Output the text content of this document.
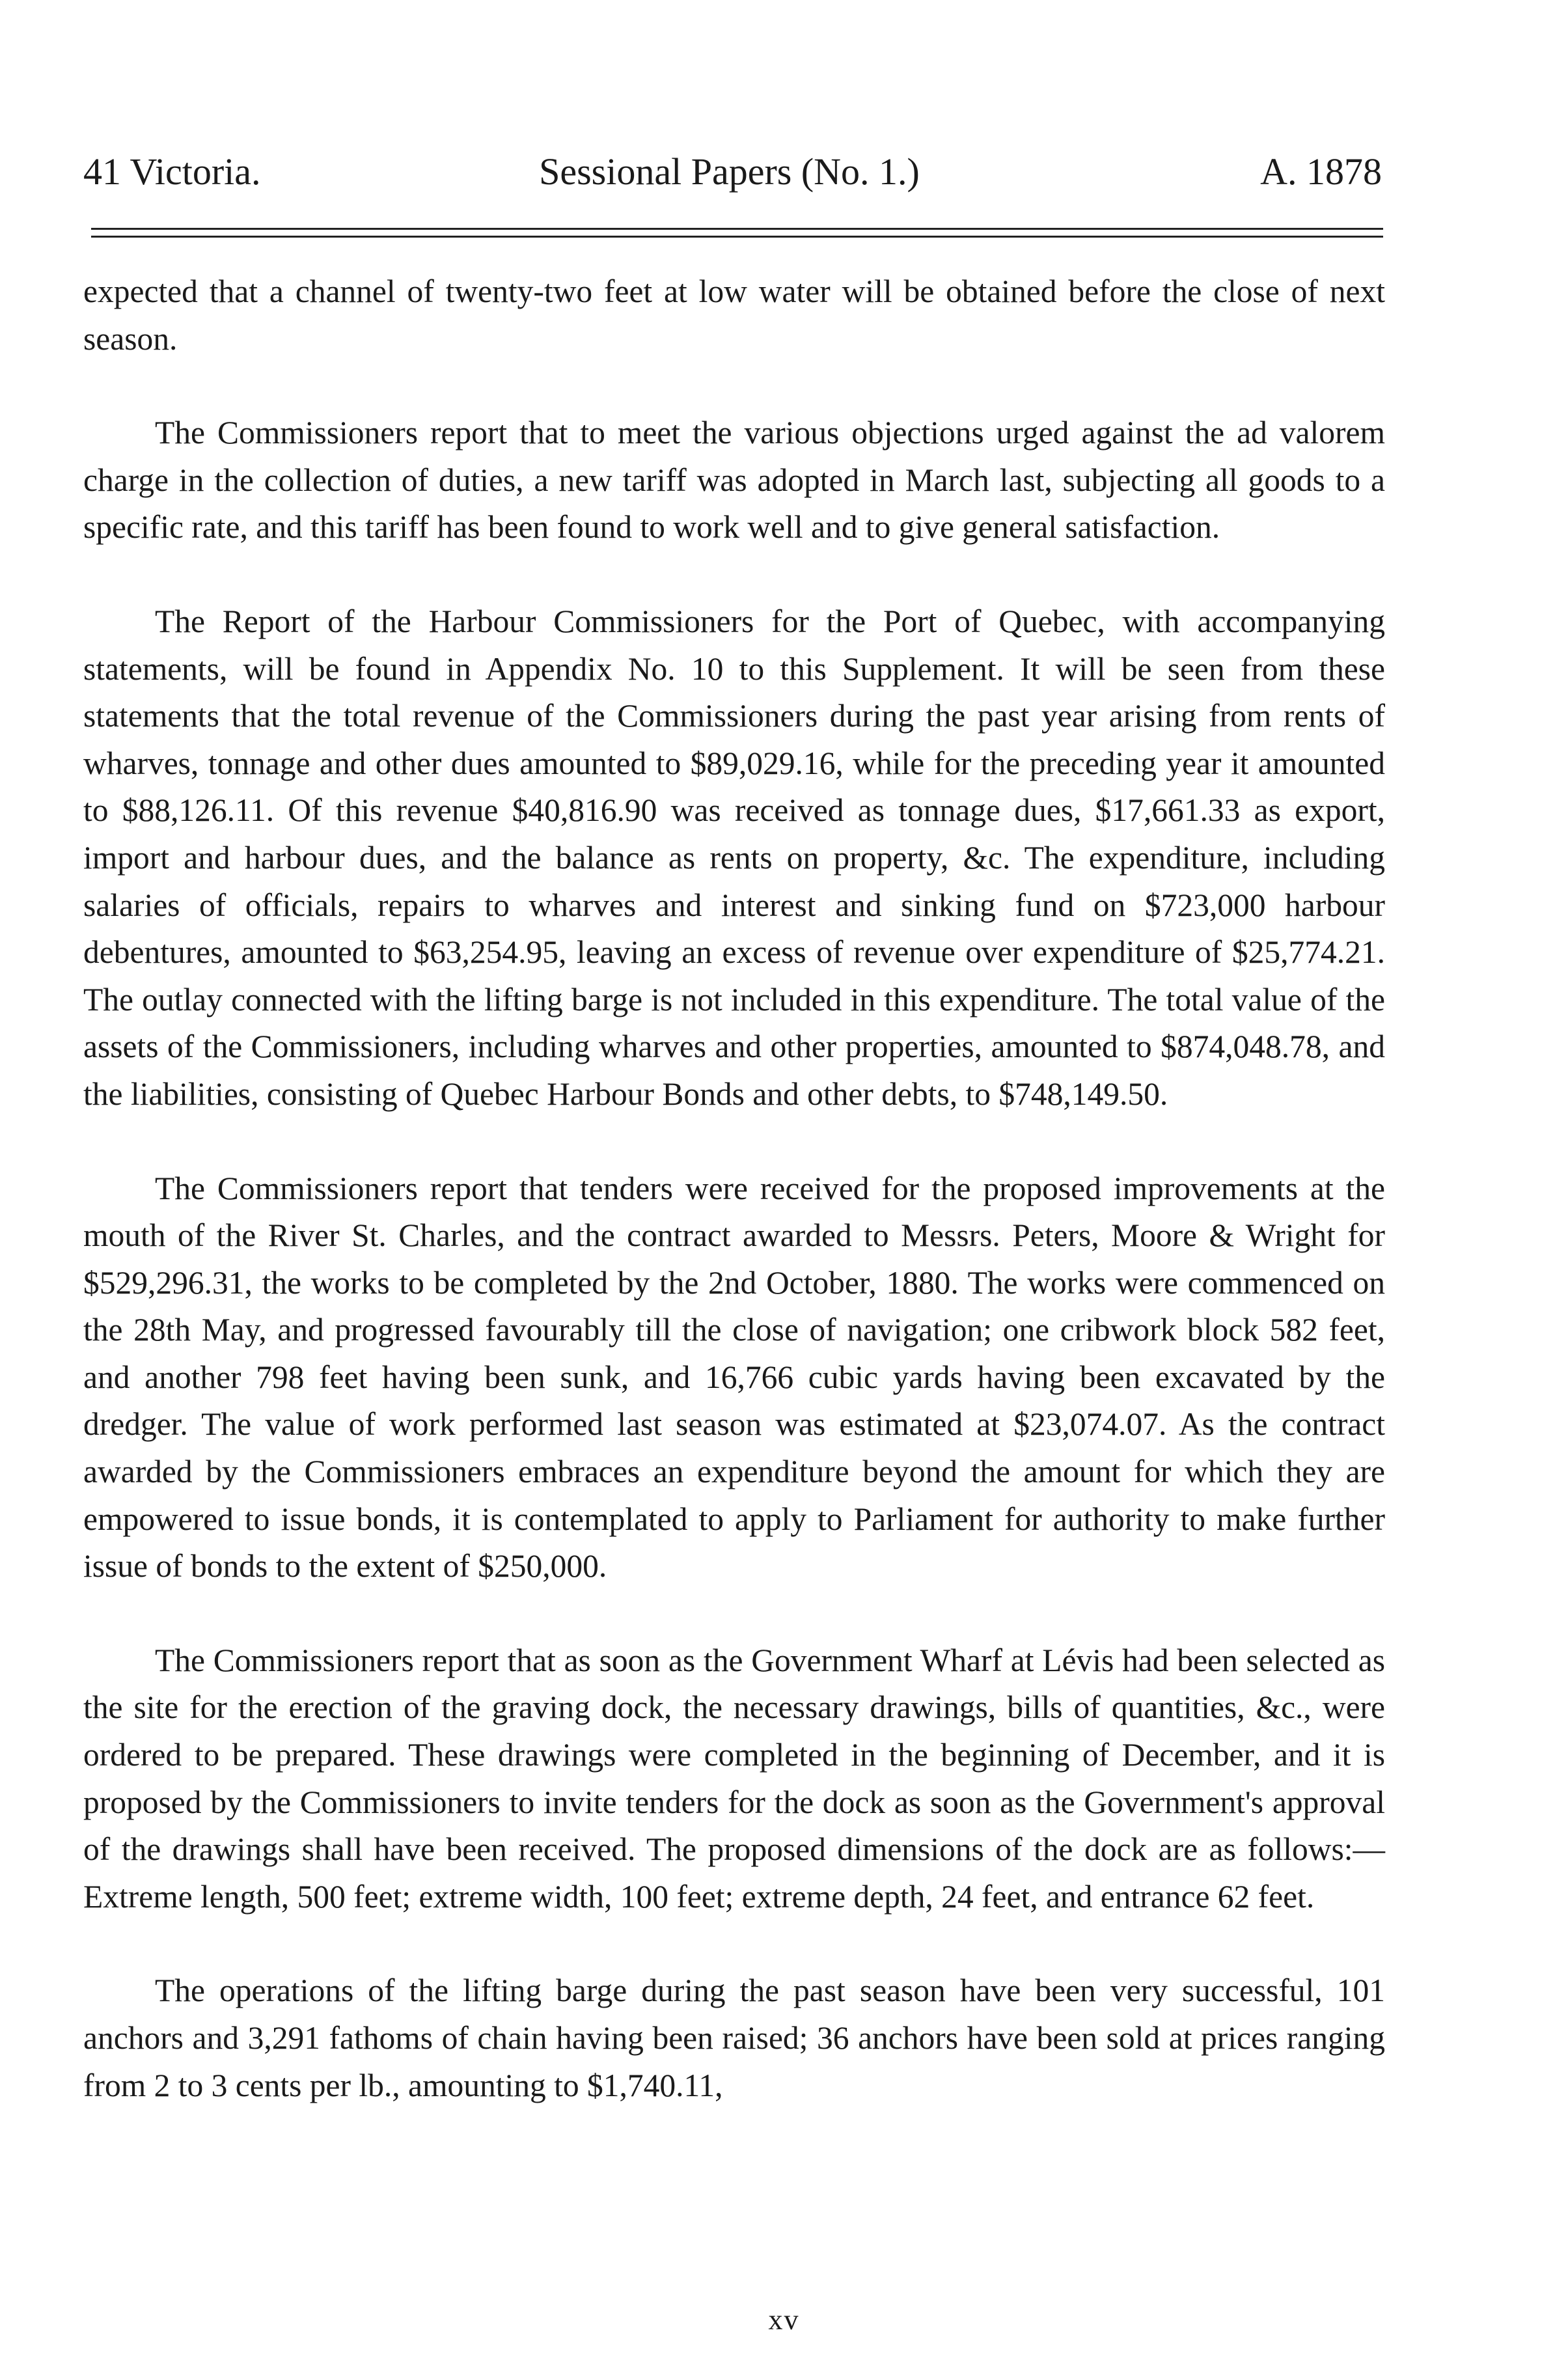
41 Victoria.	Sessional Papers (No. 1.)	A. 1878

expected that a channel of twenty-two feet at low water will be obtained before the close of next season.

The Commissioners report that to meet the various objections urged against the ad valorem charge in the collection of duties, a new tariff was adopted in March last, subjecting all goods to a specific rate, and this tariff has been found to work well and to give general satisfaction.

The Report of the Harbour Commissioners for the Port of Quebec, with accompanying statements, will be found in Appendix No. 10 to this Supplement. It will be seen from these statements that the total revenue of the Commissioners during the past year arising from rents of wharves, tonnage and other dues amounted to $89,029.16, while for the preceding year it amounted to $88,126.11. Of this revenue $40,816.90 was received as tonnage dues, $17,661.33 as export, import and harbour dues, and the balance as rents on property, &c. The expenditure, including salaries of officials, repairs to wharves and interest and sinking fund on $723,000 harbour debentures, amounted to $63,254.95, leaving an excess of revenue over expenditure of $25,774.21. The outlay connected with the lifting barge is not included in this expenditure. The total value of the assets of the Commissioners, including wharves and other properties, amounted to $874,048.78, and the liabilities, consisting of Quebec Harbour Bonds and other debts, to $748,149.50.

The Commissioners report that tenders were received for the proposed improvements at the mouth of the River St. Charles, and the contract awarded to Messrs. Peters, Moore & Wright for $529,296.31, the works to be completed by the 2nd October, 1880. The works were commenced on the 28th May, and progressed favourably till the close of navigation; one cribwork block 582 feet, and another 798 feet having been sunk, and 16,766 cubic yards having been excavated by the dredger. The value of work performed last season was estimated at $23,074.07. As the contract awarded by the Commissioners embraces an expenditure beyond the amount for which they are empowered to issue bonds, it is contemplated to apply to Parliament for authority to make further issue of bonds to the extent of $250,000.

The Commissioners report that as soon as the Government Wharf at Lévis had been selected as the site for the erection of the graving dock, the necessary drawings, bills of quantities, &c., were ordered to be prepared. These drawings were completed in the beginning of December, and it is proposed by the Commissioners to invite tenders for the dock as soon as the Government's approval of the drawings shall have been received. The proposed dimensions of the dock are as follows:—Extreme length, 500 feet; extreme width, 100 feet; extreme depth, 24 feet, and entrance 62 feet.

The operations of the lifting barge during the past season have been very successful, 101 anchors and 3,291 fathoms of chain having been raised; 36 anchors have been sold at prices ranging from 2 to 3 cents per lb., amounting to $1,740.11,

xv
